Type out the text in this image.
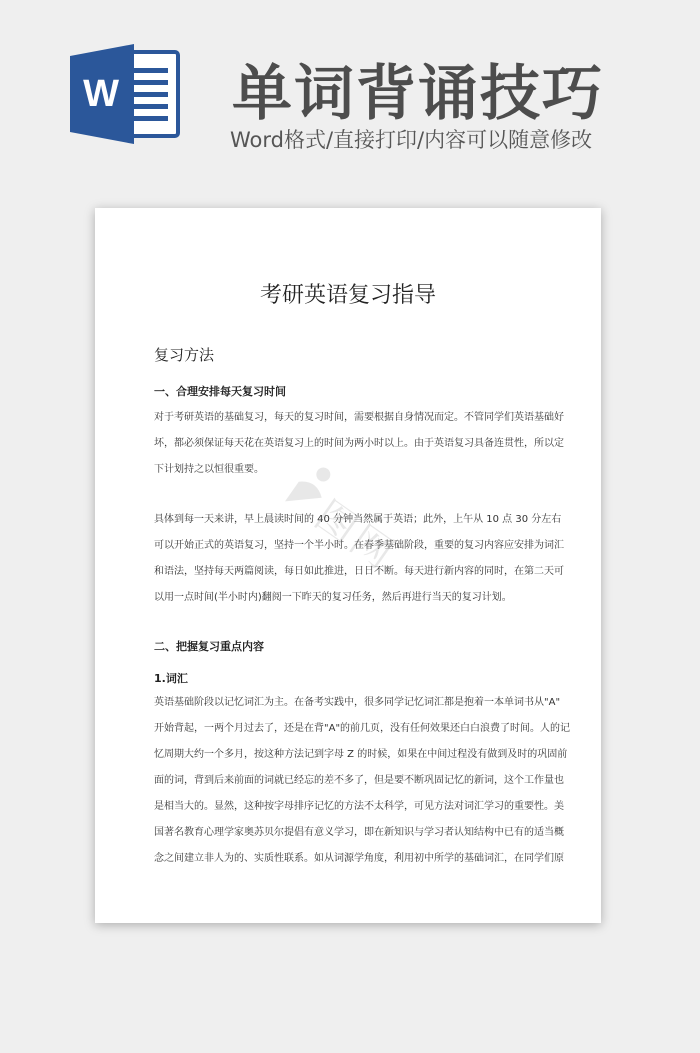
W 单词背诵技巧
Word格式/直接打印/内容可以随意修改
考研英语复习指导
复习方法
一、合理安排每天复习时间
对于考研英语的基础复习，每天的复习时间，需要根据自身情况而定。不管同学们英语基础好
坏，都必须保证每天花在英语复习上的时间为两小时以上。由于英语复习具备连贯性，所以定
下计划持之以恒很重要。
具体到每一天来讲，早上晨读时间的 40 分钟当然属于英语；此外，上午从 10 点 30 分左右
可以开始正式的英语复习，坚持一个半小时。在春季基础阶段，重要的复习内容应安排为词汇
和语法，坚持每天两篇阅读，每日如此推进，日日不断。每天进行新内容的同时，在第二天可
以用一点时间(半小时内)翻阅一下昨天的复习任务，然后再进行当天的复习计划。
二、把握复习重点内容
1.词汇
英语基础阶段以记忆词汇为主。在备考实践中，很多同学记忆词汇都是抱着一本单词书从"A"
开始背起，一两个月过去了，还是在背"A"的前几页，没有任何效果还白白浪费了时间。人的记
忆周期大约一个多月，按这种方法记到字母 Z 的时候，如果在中间过程没有做到及时的巩固前
面的词，背到后来前面的词就已经忘的差不多了，但是要不断巩固记忆的新词，这个工作量也
是相当大的。显然，这种按字母排序记忆的方法不太科学，可见方法对词汇学习的重要性。美
国著名教育心理学家奥苏贝尔提倡有意义学习，即在新知识与学习者认知结构中已有的适当概
念之间建立非人为的、实质性联系。如从词源学角度，利用初中所学的基础词汇，在同学们原
图网
